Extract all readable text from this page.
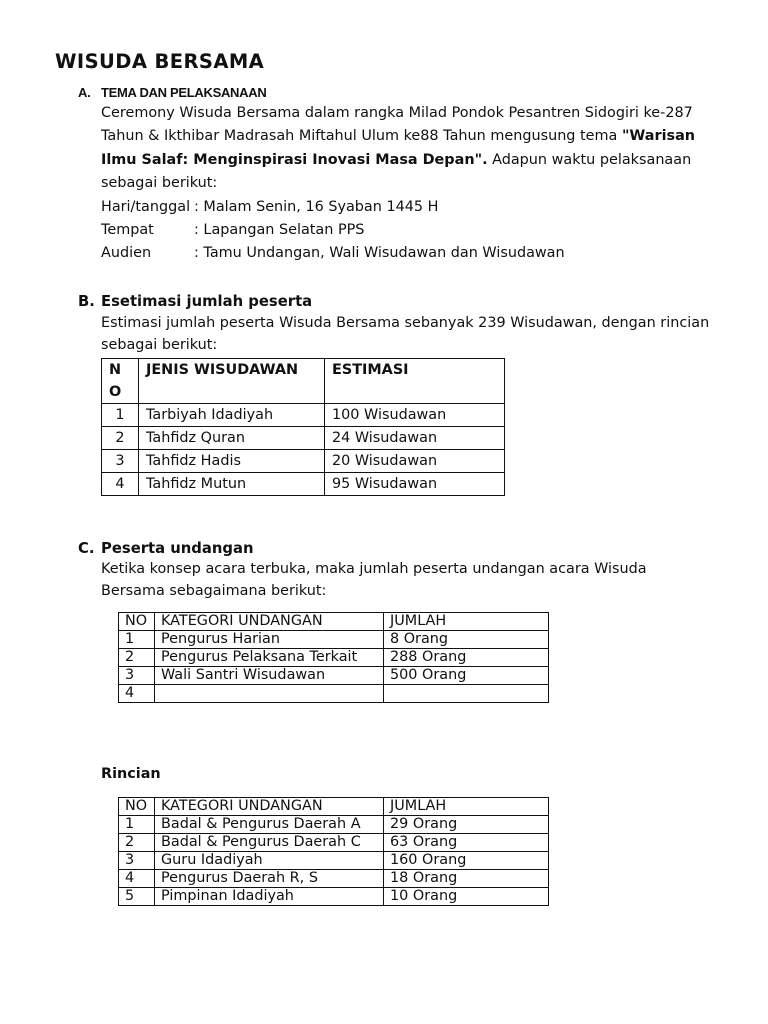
WISUDA BERSAMA
A. TEMA DAN PELAKSANAAN
Ceremony Wisuda Bersama dalam rangka Milad Pondok Pesantren Sidogiri ke-287 Tahun & Ikthibar Madrasah Miftahul Ulum ke88 Tahun mengusung tema "Warisan Ilmu Salaf: Menginspirasi Inovasi Masa Depan". Adapun waktu pelaksanaan sebagai berikut:
Hari/tanggal : Malam Senin, 16 Syaban 1445 H
Tempat	: Lapangan Selatan PPS
Audien	: Tamu Undangan, Wali Wisudawan dan Wisudawan
B. Esetimasi jumlah peserta
Estimasi jumlah peserta Wisuda Bersama sebanyak 239 Wisudawan, dengan rincian sebagai berikut:
NO	JENIS WISUDAWAN	ESTIMASI
1	Tarbiyah Idadiyah	100 Wisudawan
2	Tahfidz Quran	24 Wisudawan
3	Tahfidz Hadis	20 Wisudawan
4	Tahfidz Mutun	95 Wisudawan
C. Peserta undangan
Ketika konsep acara terbuka, maka jumlah peserta undangan acara Wisuda Bersama sebagaimana berikut:
NO	KATEGORI UNDANGAN	JUMLAH
1	Pengurus Harian	8 Orang
2	Pengurus Pelaksana Terkait	288 Orang
3	Wali Santri Wisudawan	500 Orang
4		
Rincian
NO	KATEGORI UNDANGAN	JUMLAH
1	Badal & Pengurus Daerah A	29 Orang
2	Badal & Pengurus Daerah C	63 Orang
3	Guru Idadiyah	160 Orang
4	Pengurus Daerah R, S	18 Orang
5	Pimpinan Idadiyah	10 Orang
